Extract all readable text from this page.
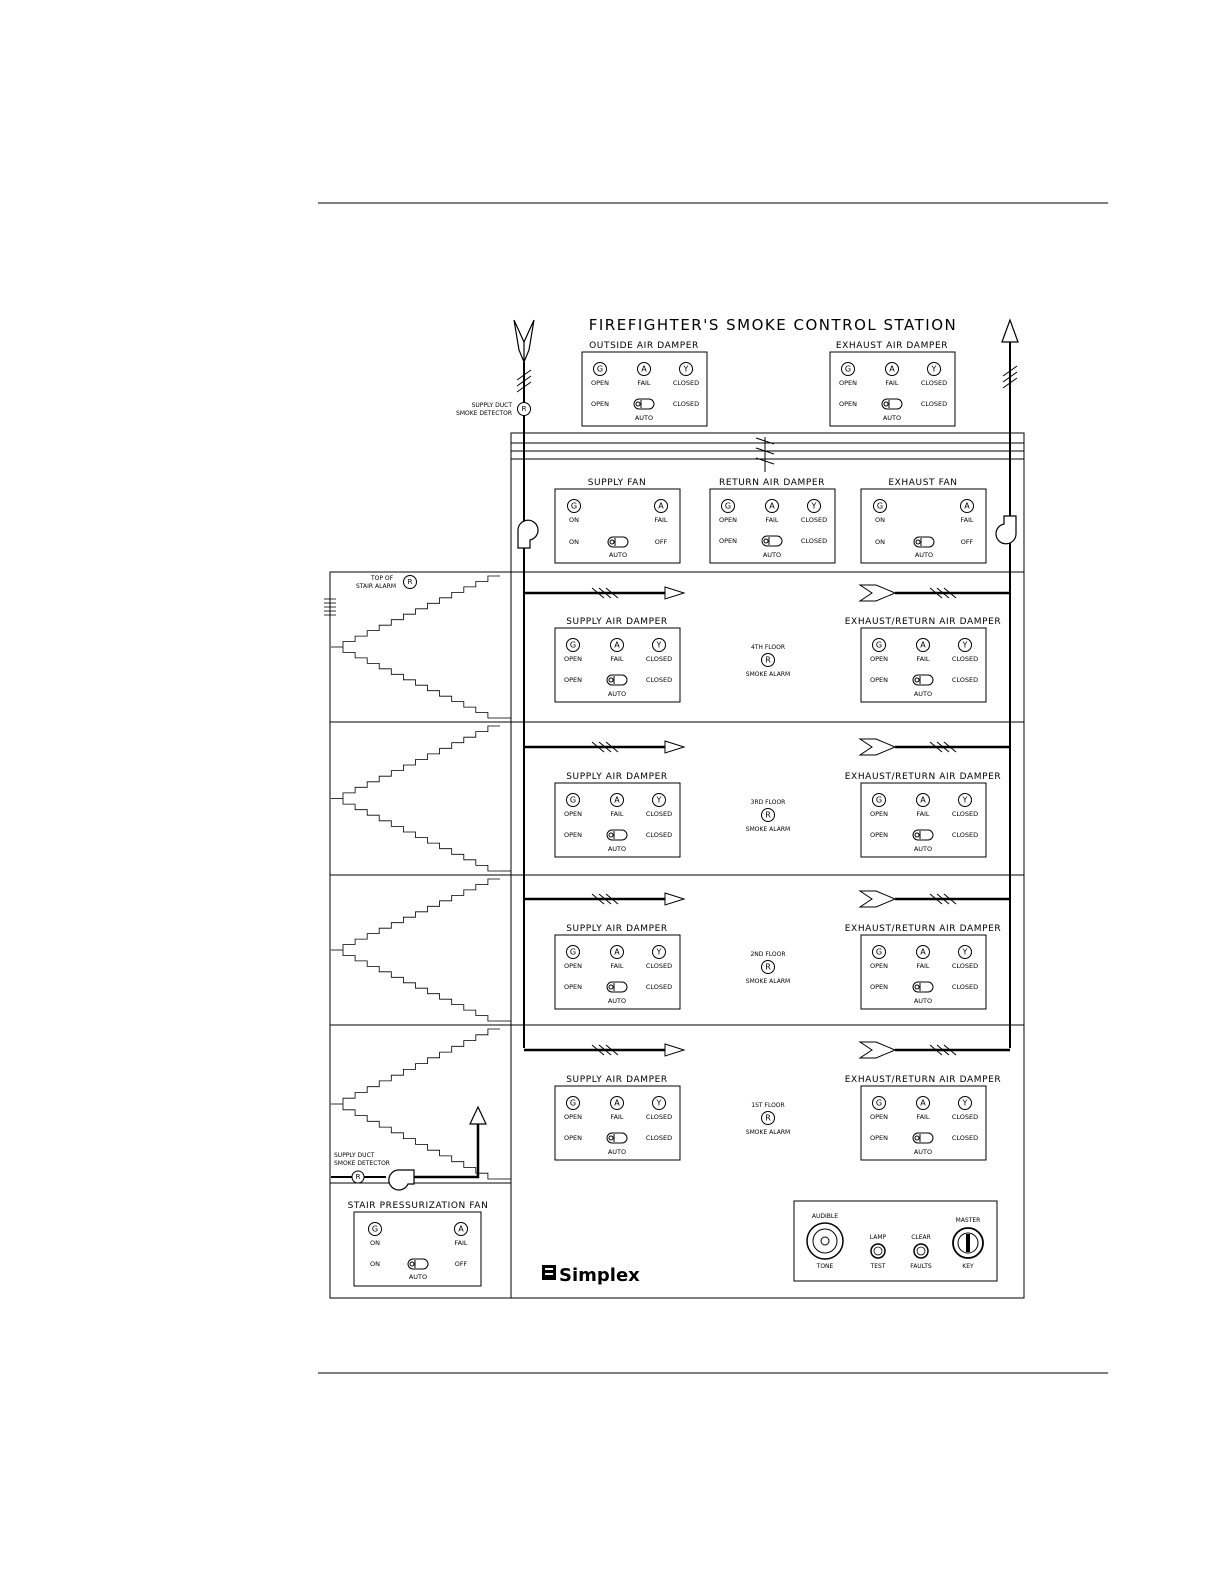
FIREFIGHTER'S SMOKE CONTROL STATION
R
SUPPLY DUCT
SMOKE DETECTOR
TOP OF
STAIR ALARM
R
R
SUPPLY DUCT
SMOKE DETECTOR
STAIR PRESSURIZATION FAN
Simplex
AUDIBLE
TONE
LAMP
TEST
CLEAR
FAULTS
MASTER
KEY
OUTSIDE AIR DAMPER
G	A	Y
OPEN	FAIL	CLOSED
OPEN	CLOSED
AUTO
EXHAUST AIR DAMPER
G	A	Y
OPEN	FAIL	CLOSED
OPEN	CLOSED
AUTO
SUPPLY FAN
G	A
ON	FAIL
ON	OFF
AUTO
RETURN AIR DAMPER
G	A	Y
OPEN	FAIL	CLOSED
OPEN	CLOSED
AUTO
EXHAUST FAN
G	A
ON	FAIL
ON	OFF
AUTO
G	A
ON	FAIL
ON	OFF
AUTO
SUPPLY AIR DAMPER
G	A	Y
OPEN	FAIL	CLOSED
OPEN	CLOSED
AUTO
EXHAUST/RETURN AIR DAMPER
G	A	Y
OPEN	FAIL	CLOSED
OPEN	CLOSED
AUTO
4TH FLOOR
R
SMOKE ALARM
SUPPLY AIR DAMPER
G	A	Y
OPEN	FAIL	CLOSED
OPEN	CLOSED
AUTO
EXHAUST/RETURN AIR DAMPER
G	A	Y
OPEN	FAIL	CLOSED
OPEN	CLOSED
AUTO
3RD FLOOR
R
SMOKE ALARM
SUPPLY AIR DAMPER
G	A	Y
OPEN	FAIL	CLOSED
OPEN	CLOSED
AUTO
EXHAUST/RETURN AIR DAMPER
G	A	Y
OPEN	FAIL	CLOSED
OPEN	CLOSED
AUTO
2ND FLOOR
R
SMOKE ALARM
SUPPLY AIR DAMPER
G	A	Y
OPEN	FAIL	CLOSED
OPEN	CLOSED
AUTO
EXHAUST/RETURN AIR DAMPER
G	A	Y
OPEN	FAIL	CLOSED
OPEN	CLOSED
AUTO
1ST FLOOR
R
SMOKE ALARM
